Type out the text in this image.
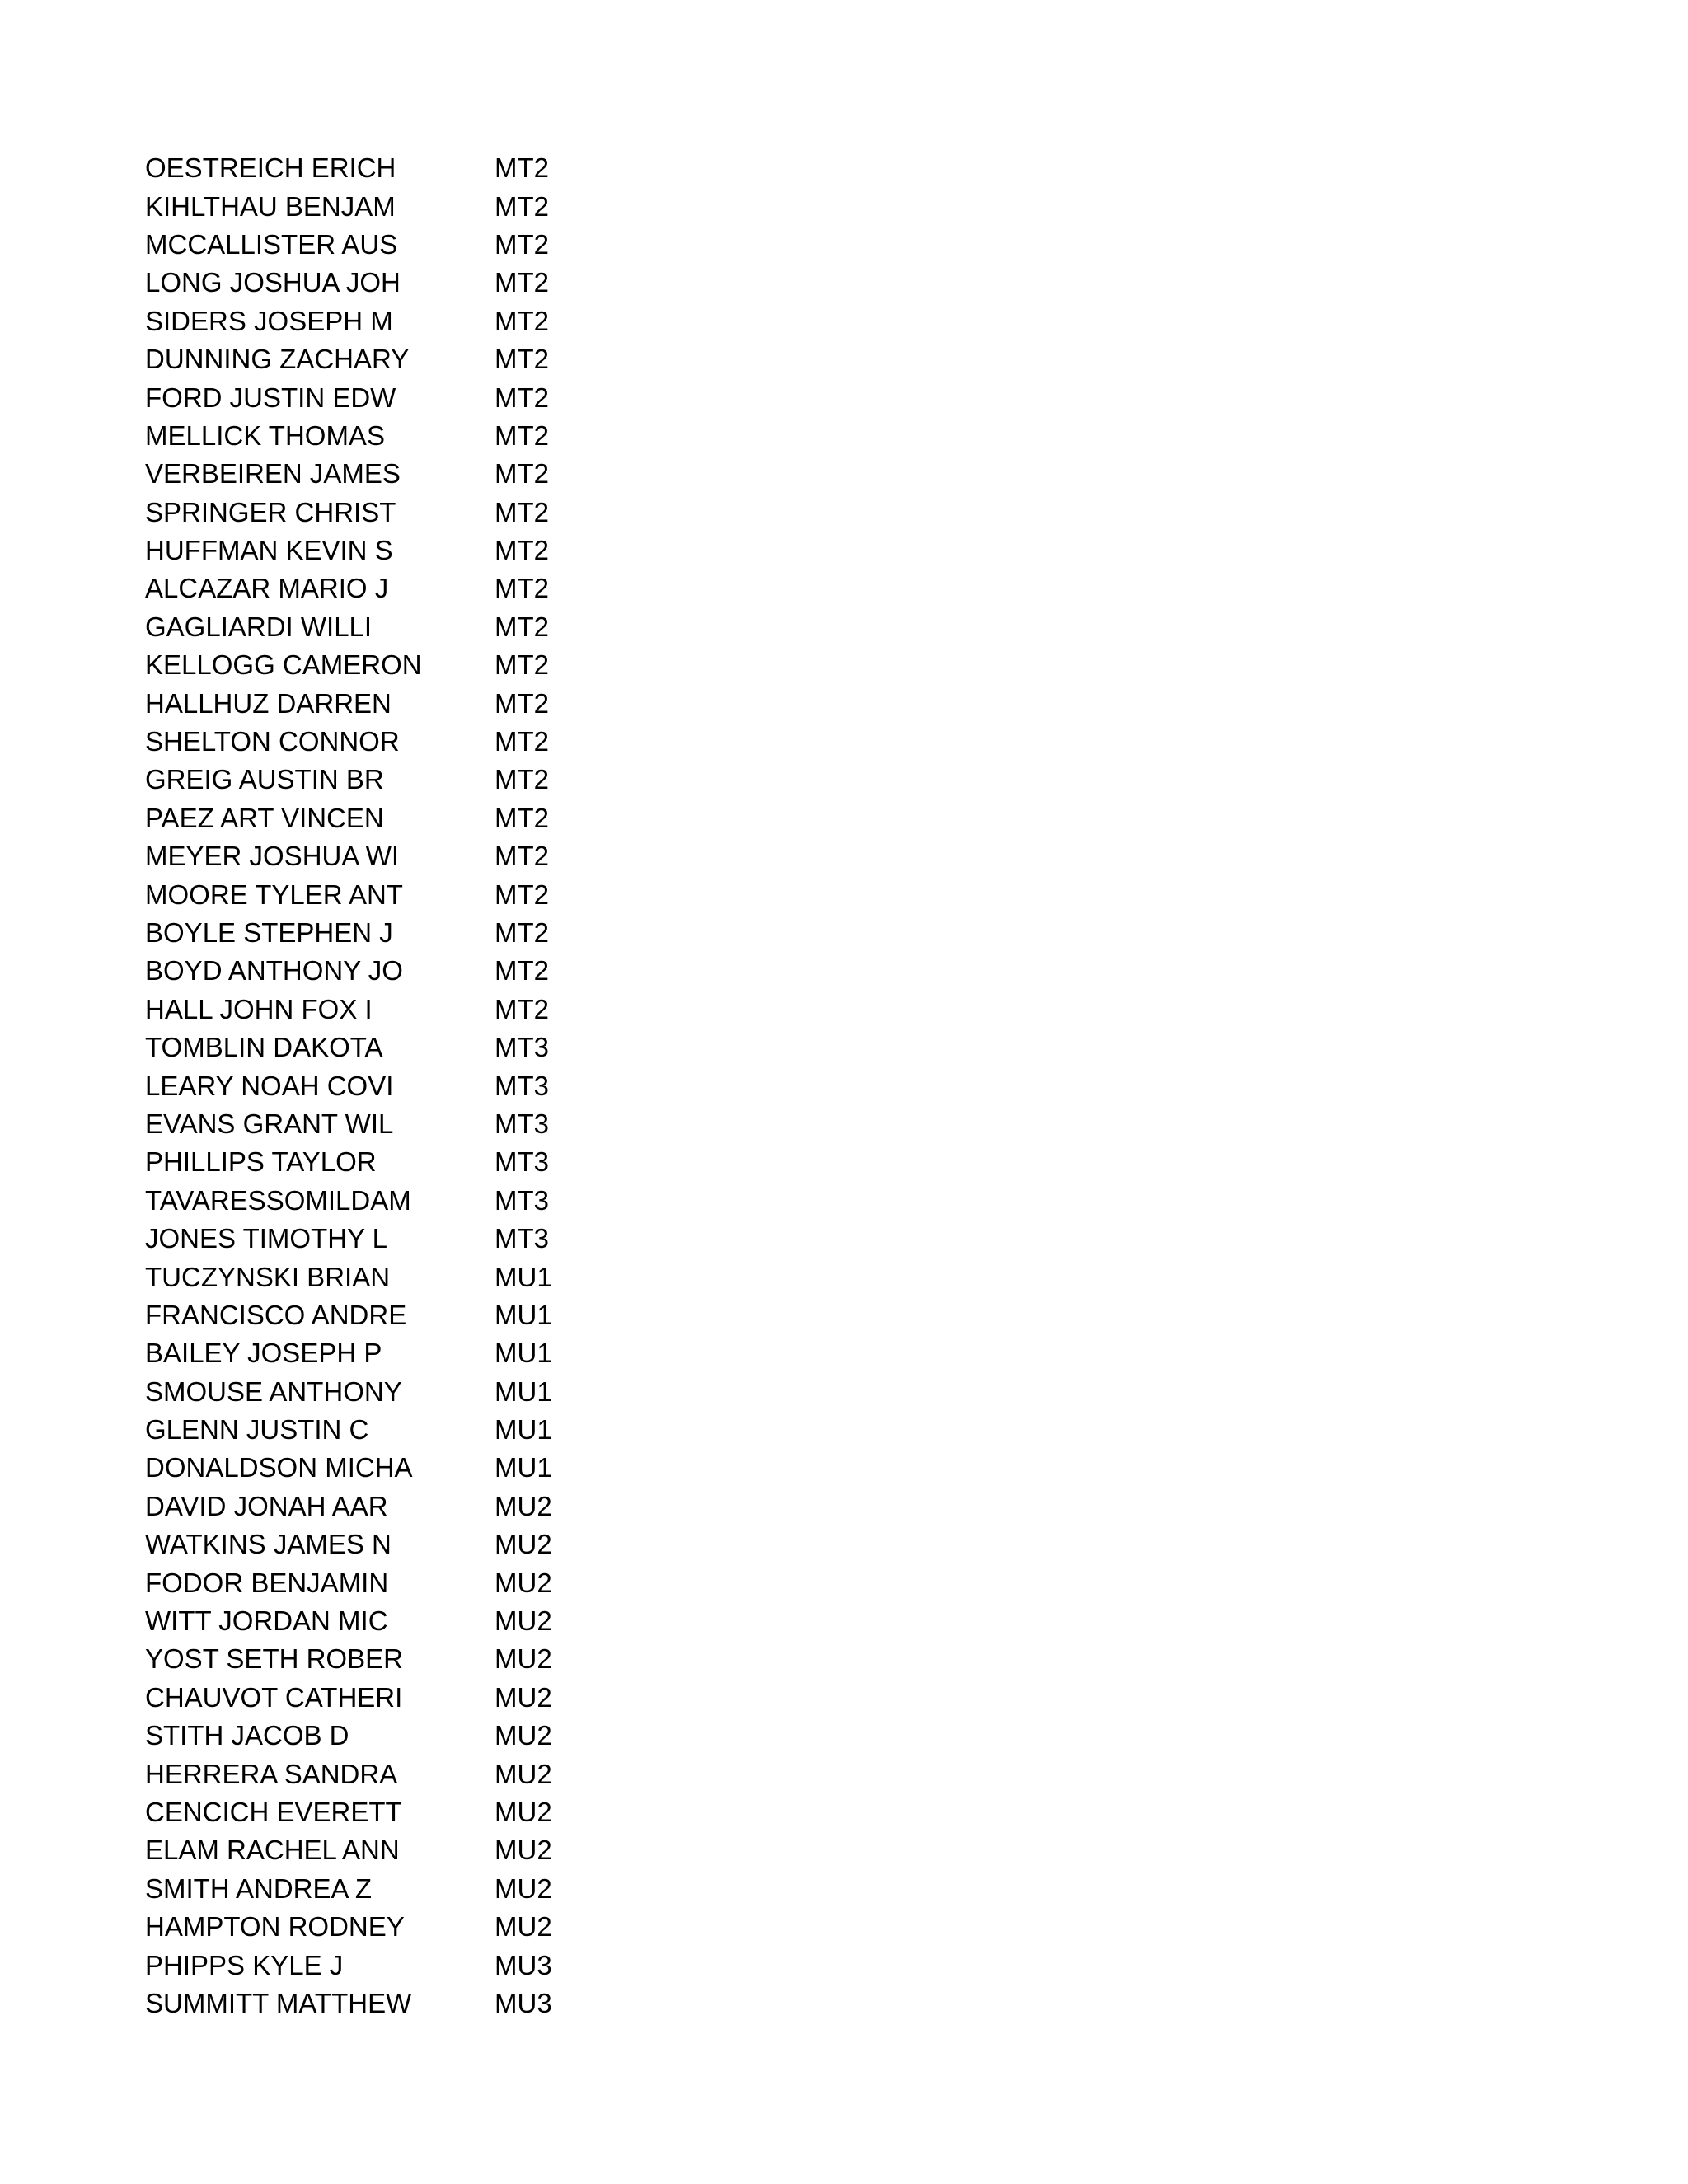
OESTREICH ERICH	MT2
KIHLTHAU BENJAM	MT2
MCCALLISTER AUS	MT2
LONG JOSHUA JOH	MT2
SIDERS JOSEPH M	MT2
DUNNING ZACHARY	MT2
FORD JUSTIN EDW	MT2
MELLICK THOMAS	MT2
VERBEIREN JAMES	MT2
SPRINGER CHRIST	MT2
HUFFMAN KEVIN S	MT2
ALCAZAR MARIO J	MT2
GAGLIARDI WILLI	MT2
KELLOGG CAMERON	MT2
HALLHUZ DARREN	MT2
SHELTON CONNOR	MT2
GREIG AUSTIN BR	MT2
PAEZ ART VINCEN	MT2
MEYER JOSHUA WI	MT2
MOORE TYLER ANT	MT2
BOYLE STEPHEN J	MT2
BOYD ANTHONY JO	MT2
HALL JOHN FOX I	MT2
TOMBLIN DAKOTA	MT3
LEARY NOAH COVI	MT3
EVANS GRANT WIL	MT3
PHILLIPS TAYLOR	MT3
TAVARESSOMILDAM	MT3
JONES TIMOTHY L	MT3
TUCZYNSKI BRIAN	MU1
FRANCISCO ANDRE	MU1
BAILEY JOSEPH P	MU1
SMOUSE ANTHONY	MU1
GLENN JUSTIN C	MU1
DONALDSON MICHA	MU1
DAVID JONAH AAR	MU2
WATKINS JAMES N	MU2
FODOR BENJAMIN	MU2
WITT JORDAN MIC	MU2
YOST SETH ROBER	MU2
CHAUVOT CATHERI	MU2
STITH JACOB D	MU2
HERRERA SANDRA	MU2
CENCICH EVERETT	MU2
ELAM RACHEL ANN	MU2
SMITH ANDREA Z	MU2
HAMPTON RODNEY	MU2
PHIPPS KYLE J	MU3
SUMMITT MATTHEW	MU3
